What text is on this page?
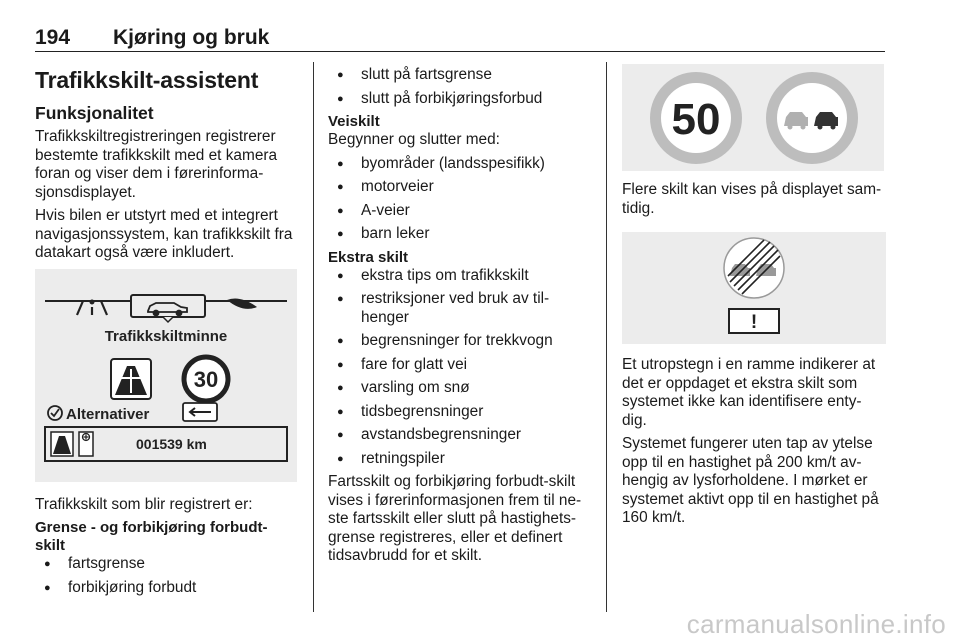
194 Kjøring og bruk
Trafikkskilt-assistent
Funksjonalitet

Trafikkskiltregistreringen registrerer bestemte trafikkskilt med et kamera foran og viser dem i førerinforma-sjonsdisplayet.

Hvis bilen er utstyrt med et integrert navigasjonssystem, kan trafikkskilt fra datakart også være inkludert.

Trafikkskiltminne
30
Alternativer
001539 km

Trafikkskilt som blir registrert er:

Grense - og forbikjøring forbudt-skilt
● fartsgrense
● forbikjøring forbudt
● slutt på fartsgrense
● slutt på forbikjøringsforbud
Veiskilt

Begynner og slutter med:

● byområder (landsspesifikk)
● motorveier
● A-veier
● barn leker
Ekstra skilt
● ekstra tips om trafikkskilt
● restriksjoner ved bruk av til-henger
● begrensninger for trekkvogn
● fare for glatt vei
● varsling om snø
● tidsbegrensninger
● avstandsbegrensninger
● retningspiler

Fartsskilt og forbikjøring forbudt-skilt vises i førerinformasjonen frem til ne-ste fartsskilt eller slutt på hastighets-grense registreres, eller et definert tidsavbrudd for et skilt.

50

Flere skilt kan vises på displayet sam-tidig.

!

Et utropstegn i en ramme indikerer at det er oppdaget et ekstra skilt som systemet ikke kan identifisere enty-dig.

Systemet fungerer uten tap av ytelse opp til en hastighet på 200 km/t av-hengig av lysforholdene. I mørket er systemet aktivt opp til en hastighet på 160 km/t.

carmanualsonline.info
